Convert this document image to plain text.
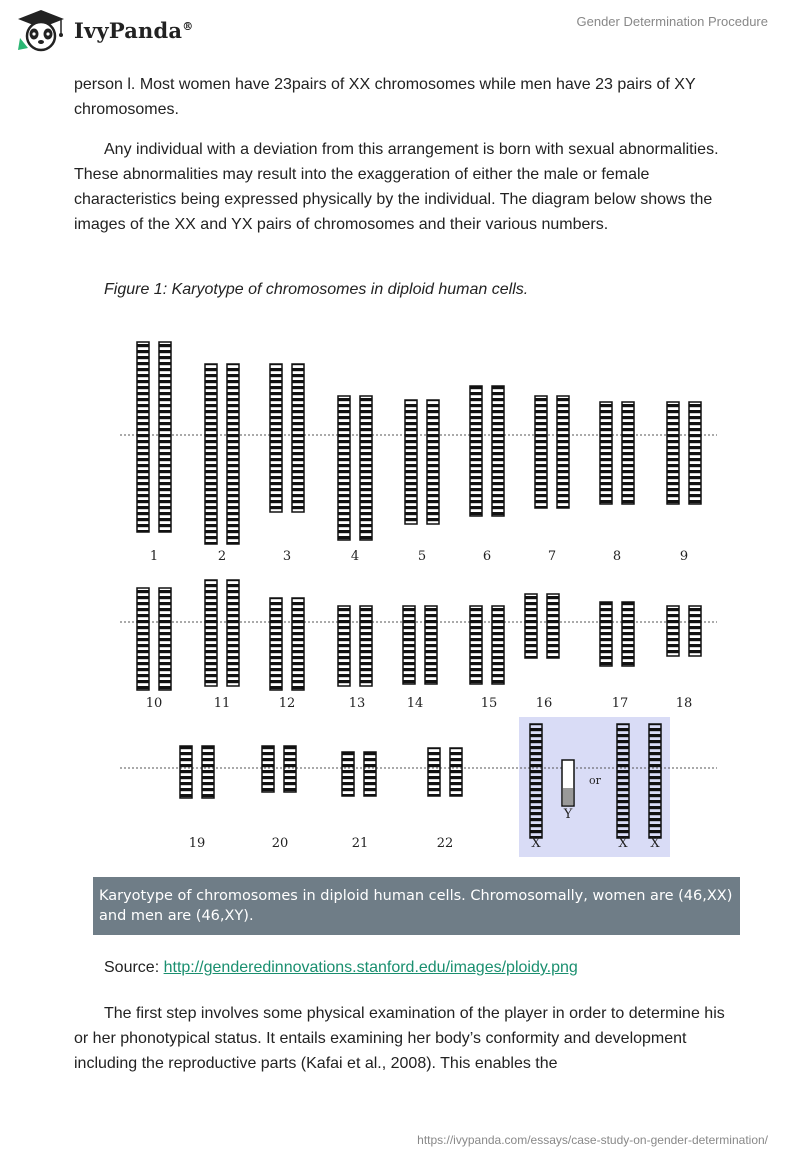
IvyPanda®	Gender Determination Procedure

person l. Most women have 23pairs of XX chromosomes while men have 23 pairs of XY chromosomes.

Any individual with a deviation from this arrangement is born with sexual abnormalities. These abnormalities may result into the exaggeration of either the male or female characteristics being expressed physically by the individual. The diagram below shows the images of the XX and YX pairs of chromosomes and their various numbers.

Figure 1: Karyotype of chromosomes in diploid human cells.
1	2	3	4	5	6	7	8	9
10	11	12	13	14	15	16	17	18
19	20	21	22	X
Y
or
X X
Karyotype of chromosomes in diploid human cells. Chromosomally, women are (46,XX) and men are (46,XY).
Source: http://genderedinnovations.stanford.edu/images/ploidy.png

The first step involves some physical examination of the player in order to determine his or her phonotypical status. It entails examining her body’s conformity and development including the reproductive parts (Kafai et al., 2008). This enables the

https://ivypanda.com/essays/case-study-on-gender-determination/
